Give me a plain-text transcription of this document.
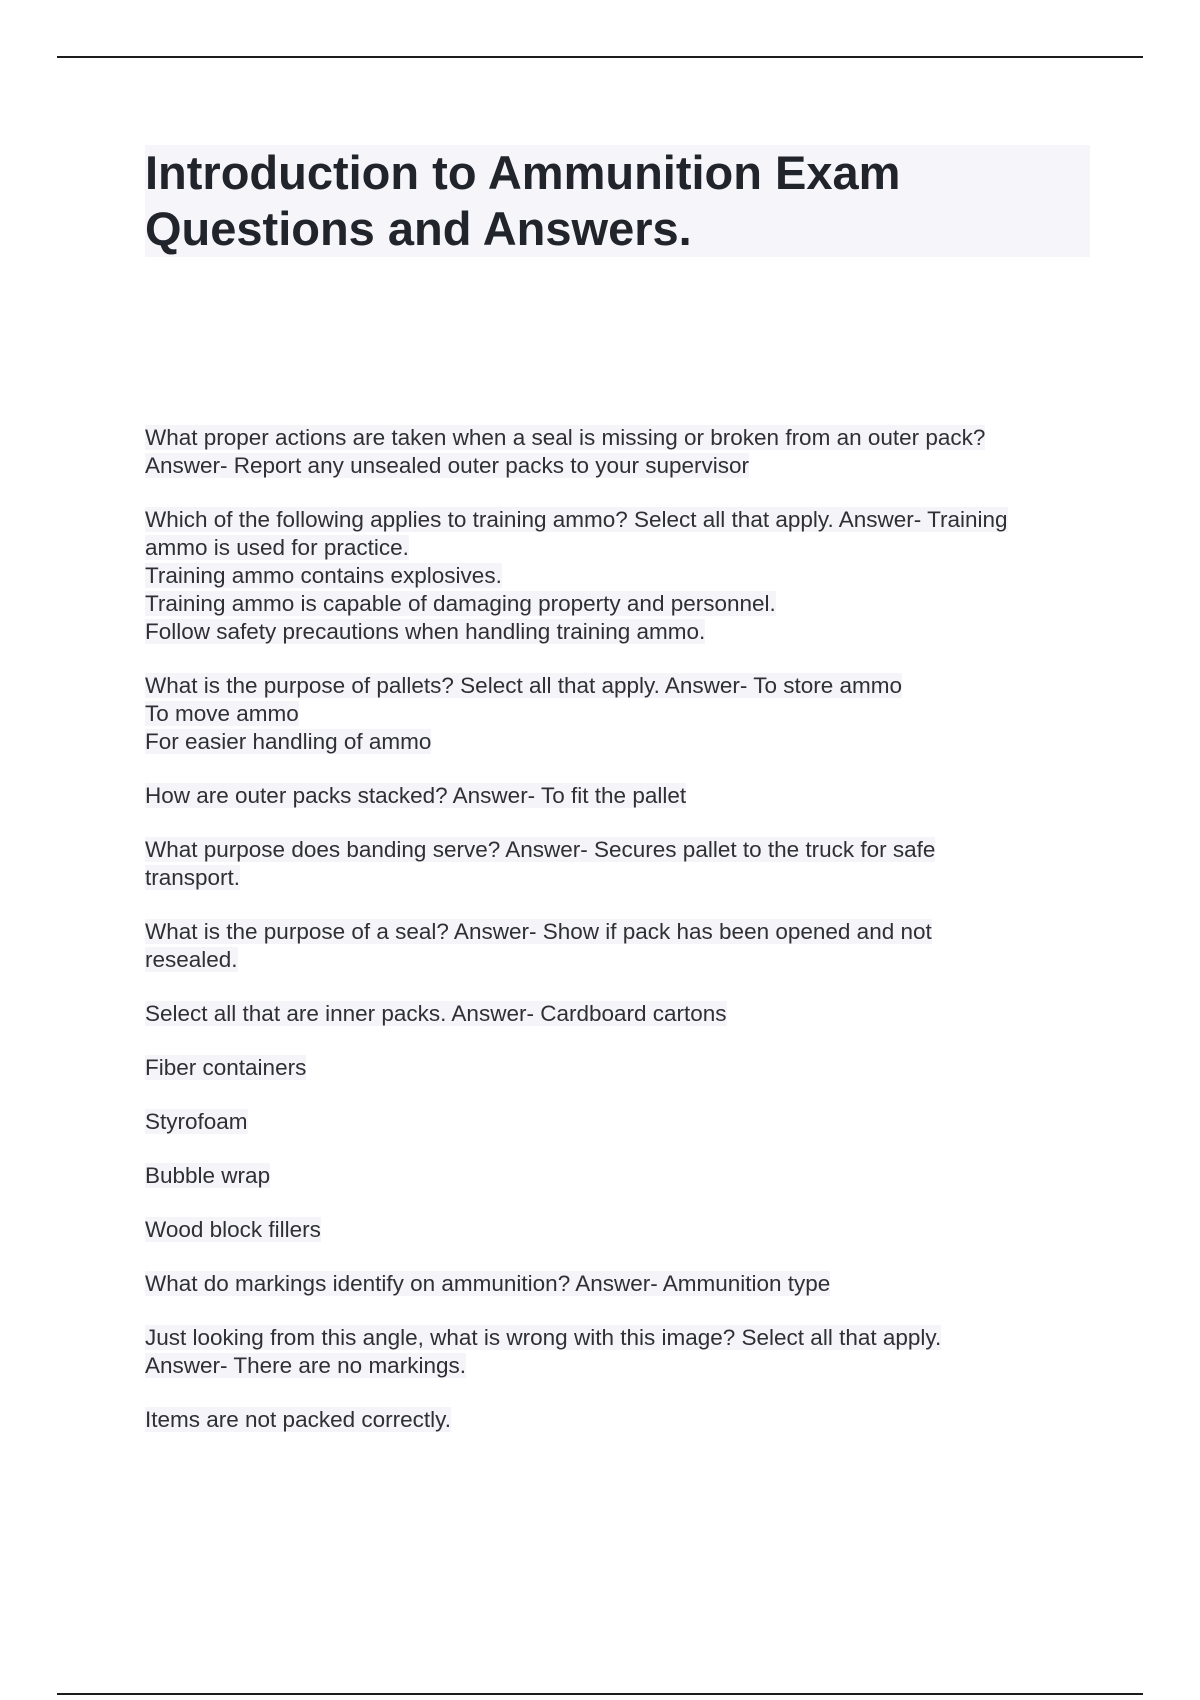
Introduction to Ammunition Exam
Questions and Answers.
What proper actions are taken when a seal is missing or broken from an outer pack?
Answer- Report any unsealed outer packs to your supervisor
Which of the following applies to training ammo? Select all that apply. Answer- Training
ammo is used for practice.
Training ammo contains explosives.
Training ammo is capable of damaging property and personnel.
Follow safety precautions when handling training ammo.
What is the purpose of pallets? Select all that apply. Answer- To store ammo
To move ammo
For easier handling of ammo
How are outer packs stacked? Answer- To fit the pallet
What purpose does banding serve? Answer- Secures pallet to the truck for safe
transport.
What is the purpose of a seal? Answer- Show if pack has been opened and not
resealed.
Select all that are inner packs. Answer- Cardboard cartons
Fiber containers
Styrofoam
Bubble wrap
Wood block fillers
What do markings identify on ammunition? Answer- Ammunition type
Just looking from this angle, what is wrong with this image? Select all that apply.
Answer- There are no markings.
Items are not packed correctly.
